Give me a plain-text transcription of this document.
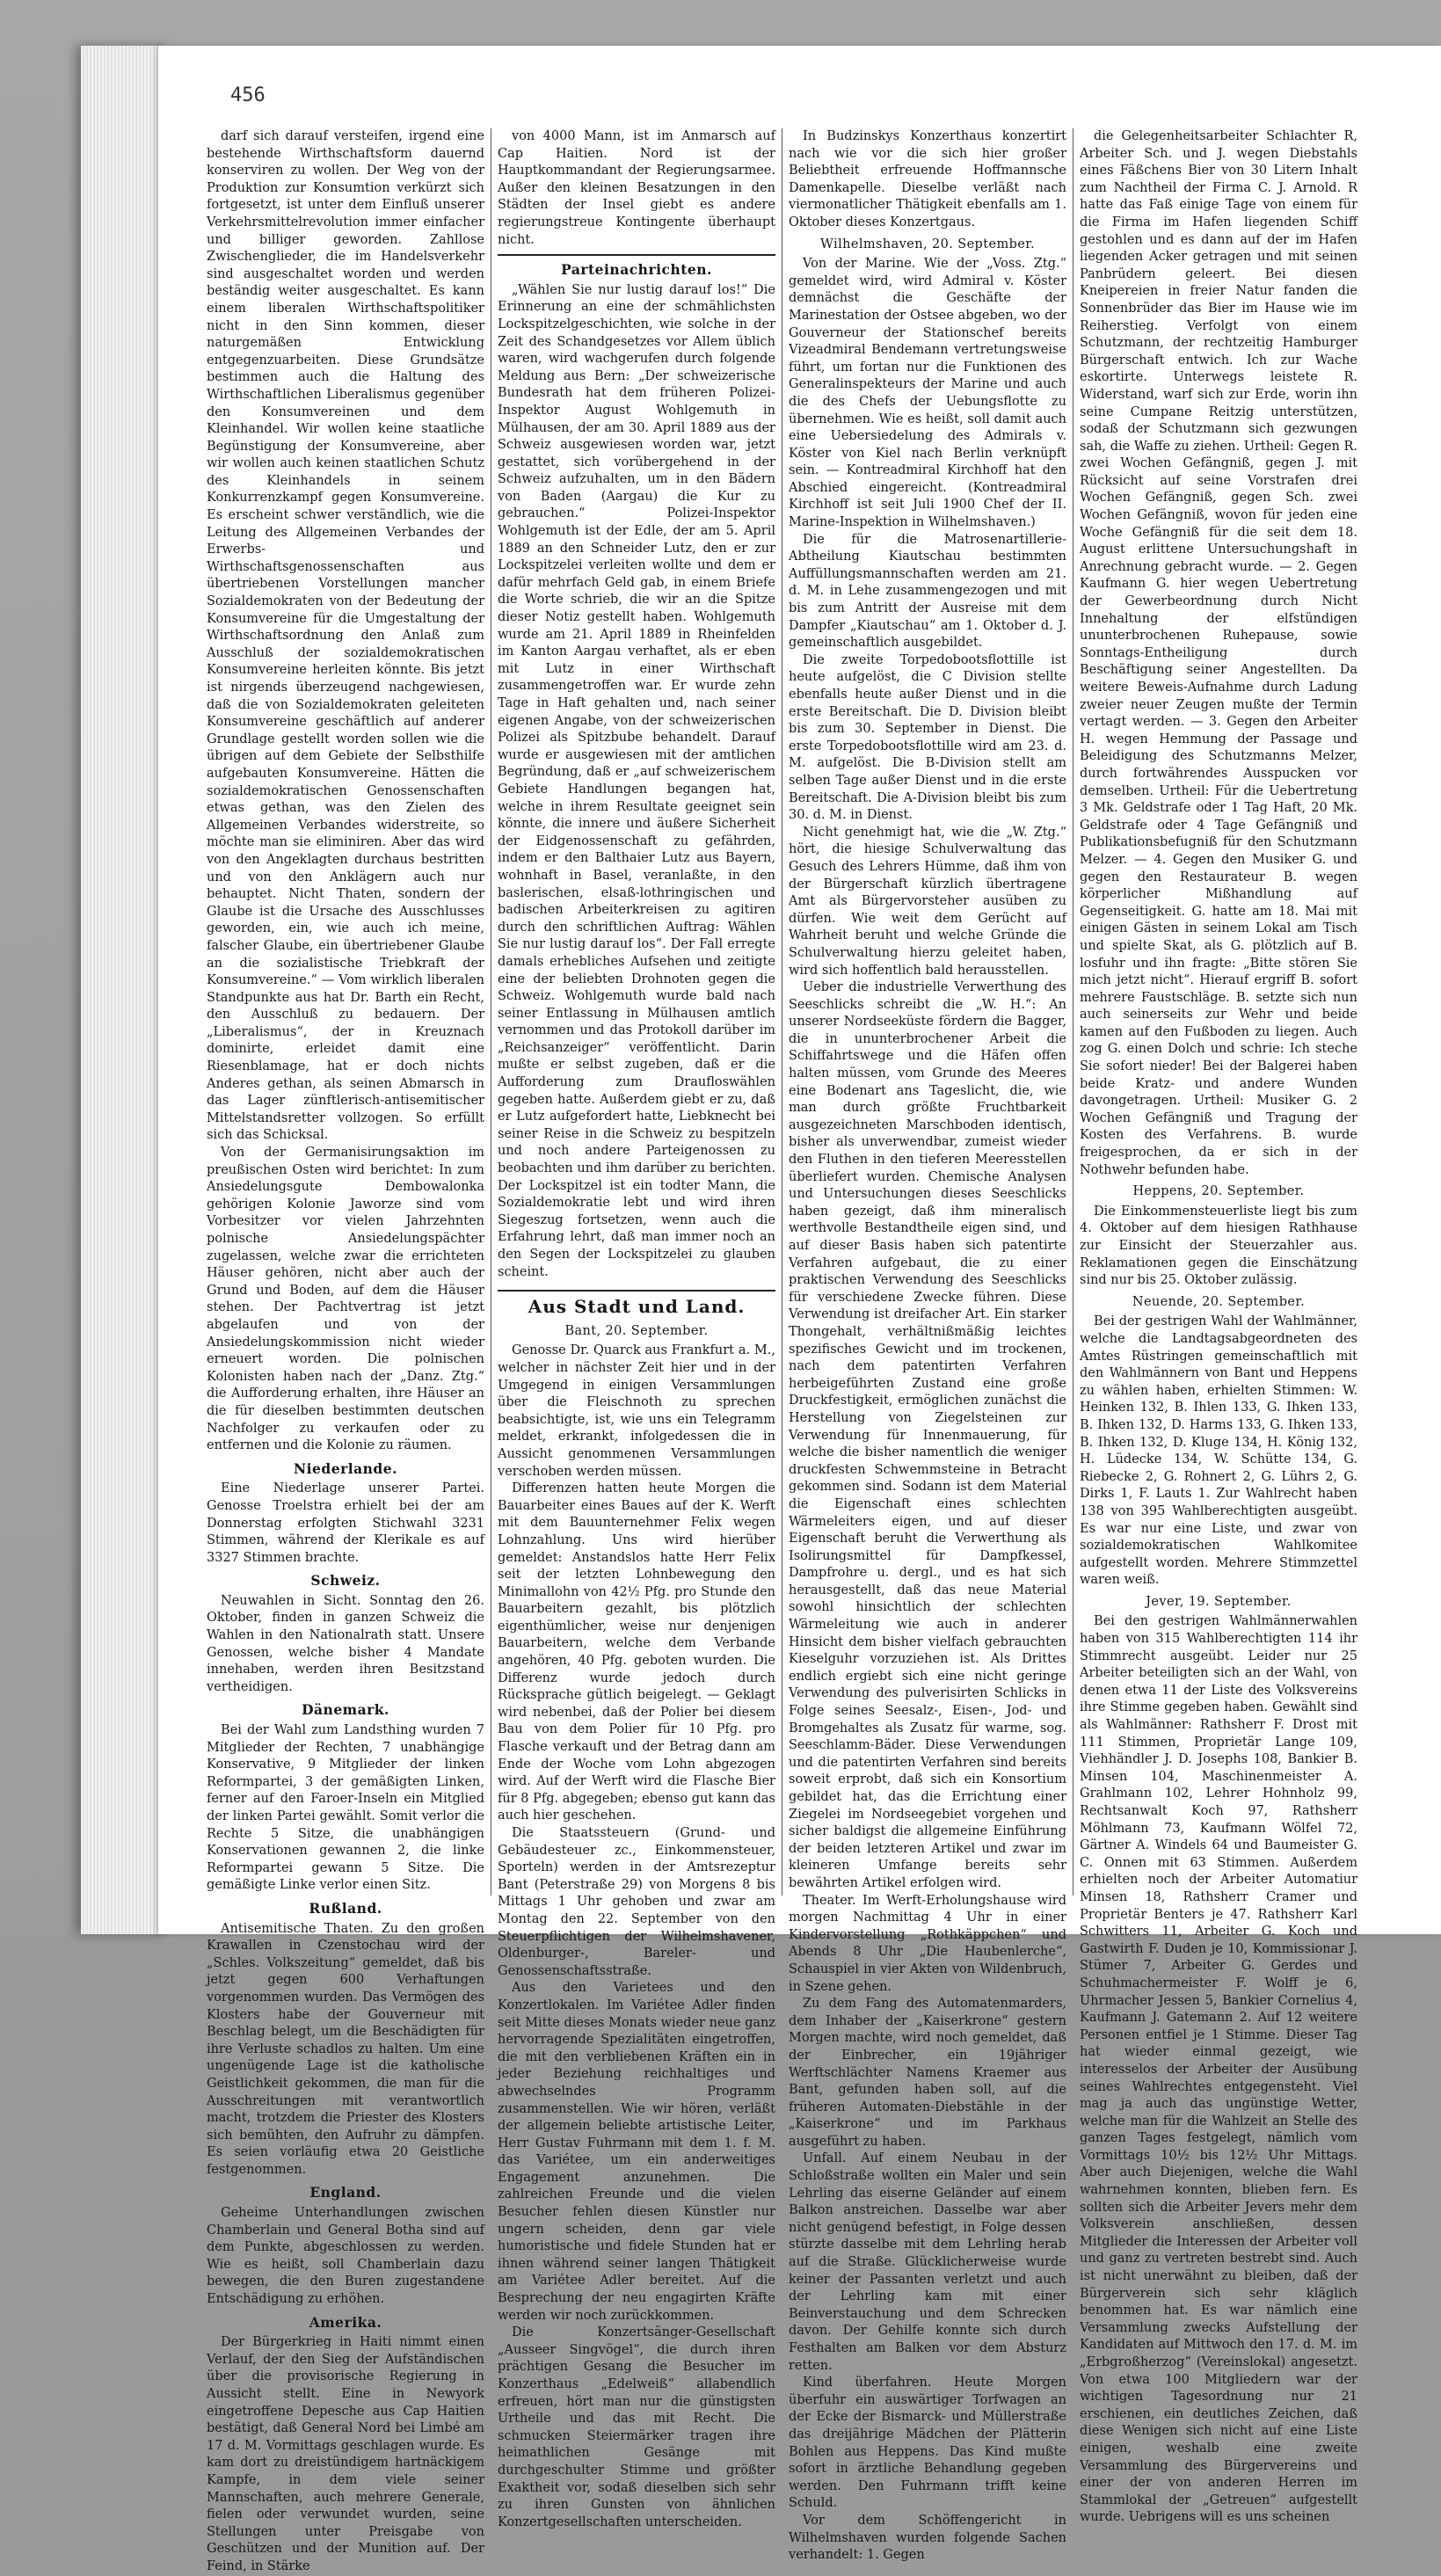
456

darf sich darauf versteifen, irgend eine bestehende Wirthschaftsform dauernd konserviren zu wollen. Der Weg von der Produktion zur Konsumtion verkürzt sich fortgesetzt, ist unter dem Einfluß unserer Verkehrsmittelrevolution immer einfacher und billiger geworden. Zahllose Zwischenglieder, die im Handelsverkehr sind ausgeschaltet worden und werden beständig weiter ausgeschaltet. Es kann einem liberalen Wirthschaftspolitiker nicht in den Sinn kommen, dieser naturgemäßen Entwicklung entgegenzuarbeiten. Diese Grundsätze bestimmen auch die Haltung des Wirthschaftlichen Liberalismus gegenüber den Konsumvereinen und dem Kleinhandel. Wir wollen keine staatliche Begünstigung der Konsumvereine, aber wir wollen auch keinen staatlichen Schutz des Kleinhandels in seinem Konkurrenzkampf gegen Konsumvereine. Es erscheint schwer verständlich, wie die Leitung des Allgemeinen Verbandes der Erwerbs- und Wirthschaftsgenossenschaften aus übertriebenen Vorstellungen mancher Sozialdemokraten von der Bedeutung der Konsumvereine für die Umgestaltung der Wirthschaftsordnung den Anlaß zum Ausschluß der sozialdemokratischen Konsumvereine herleiten könnte. Bis jetzt ist nirgends überzeugend nachgewiesen, daß die von Sozialdemokraten geleiteten Konsumvereine geschäftlich auf anderer Grundlage gestellt worden sollen wie die übrigen auf dem Gebiete der Selbsthilfe aufgebauten Konsumvereine. Hätten die sozialdemokratischen Genossenschaften etwas gethan, was den Zielen des Allgemeinen Verbandes widerstreite, so möchte man sie eliminiren. Aber das wird von den Angeklagten durchaus bestritten und von den Anklägern auch nur behauptet. Nicht Thaten, sondern der Glaube ist die Ursache des Ausschlusses geworden, ein, wie auch ich meine, falscher Glaube, ein übertriebener Glaube an die sozialistische Triebkraft der Konsumvereine.“ — Vom wirklich liberalen Standpunkte aus hat Dr. Barth ein Recht, den Ausschluß zu bedauern. Der „Liberalismus“, der in Kreuznach dominirte, erleidet damit eine Riesenblamage, hat er doch nichts Anderes gethan, als seinen Abmarsch in das Lager zünftlerisch-antisemitischer Mittelstandsretter vollzogen. So erfüllt sich das Schicksal.

Von der Germanisirungsaktion im preußischen Osten wird berichtet: In zum Ansiedelungsgute Dembowalonka gehörigen Kolonie Jaworze sind vom Vorbesitzer vor vielen Jahrzehnten polnische Ansiedelungspächter zugelassen, welche zwar die errichteten Häuser gehören, nicht aber auch der Grund und Boden, auf dem die Häuser stehen. Der Pachtvertrag ist jetzt abgelaufen und von der Ansiedelungskommission nicht wieder erneuert worden. Die polnischen Kolonisten haben nach der „Danz. Ztg.“ die Aufforderung erhalten, ihre Häuser an die für dieselben bestimmten deutschen Nachfolger zu verkaufen oder zu entfernen und die Kolonie zu räumen.

Niederlande.

Eine Niederlage unserer Partei. Genosse Troelstra erhielt bei der am Donnerstag erfolgten Stichwahl 3231 Stimmen, während der Klerikale es auf 3327 Stimmen brachte.

Schweiz.

Neuwahlen in Sicht. Sonntag den 26. Oktober, finden in ganzen Schweiz die Wahlen in den Nationalrath statt. Unsere Genossen, welche bisher 4 Mandate innehaben, werden ihren Besitzstand vertheidigen.

Dänemark.

Bei der Wahl zum Landsthing wurden 7 Mitglieder der Rechten, 7 unabhängige Konservative, 9 Mitglieder der linken Reformpartei, 3 der gemäßigten Linken, ferner auf den Faroer-Inseln ein Mitglied der linken Partei gewählt. Somit verlor die Rechte 5 Sitze, die unabhängigen Konservationen gewannen 2, die linke Reformpartei gewann 5 Sitze. Die gemäßigte Linke verlor einen Sitz.

Rußland.

Antisemitische Thaten. Zu den großen Krawallen in Czenstochau wird der „Schles. Volkszeitung“ gemeldet, daß bis jetzt gegen 600 Verhaftungen vorgenommen wurden. Das Vermögen des Klosters habe der Gouverneur mit Beschlag belegt, um die Beschädigten für ihre Verluste schadlos zu halten. Um eine ungenügende Lage ist die katholische Geistlichkeit gekommen, die man für die Ausschreitungen mit verantwortlich macht, trotzdem die Priester des Klosters sich bemühten, den Aufruhr zu dämpfen. Es seien vorläufig etwa 20 Geistliche festgenommen.

England.

Geheime Unterhandlungen zwischen Chamberlain und General Botha sind auf dem Punkte, abgeschlossen zu werden. Wie es heißt, soll Chamberlain dazu bewegen, die den Buren zugestandene Entschädigung zu erhöhen.

Amerika.

Der Bürgerkrieg in Haiti nimmt einen Verlauf, der den Sieg der Aufständischen über die provisorische Regierung in Aussicht stellt. Eine in Newyork eingetroffene Depesche aus Cap Haitien bestätigt, daß General Nord bei Limbé am 17 d. M. Vormittags geschlagen wurde. Es kam dort zu dreistündigem hartnäckigem Kampfe, in dem viele seiner Mannschaften, auch mehrere Generale, fielen oder verwundet wurden, seine Stellungen unter Preisgabe von Geschützen und der Munition auf. Der Feind, in Stärke

von 4000 Mann, ist im Anmarsch auf Cap Haitien. Nord ist der Hauptkommandant der Regierungsarmee. Außer den kleinen Besatzungen in den Städten der Insel giebt es andere regierungstreue Kontingente überhaupt nicht.

Parteinachrichten.

„Wählen Sie nur lustig darauf los!“ Die Erinnerung an eine der schmählichsten Lockspitzelgeschichten, wie solche in der Zeit des Schandgesetzes vor Allem üblich waren, wird wachgerufen durch folgende Meldung aus Bern: „Der schweizerische Bundesrath hat dem früheren Polizei-Inspektor August Wohlgemuth in Mülhausen, der am 30. April 1889 aus der Schweiz ausgewiesen worden war, jetzt gestattet, sich vorübergehend in der Schweiz aufzuhalten, um in den Bädern von Baden (Aargau) die Kur zu gebrauchen.“ Polizei-Inspektor Wohlgemuth ist der Edle, der am 5. April 1889 an den Schneider Lutz, den er zur Lockspitzelei verleiten wollte und dem er dafür mehrfach Geld gab, in einem Briefe die Worte schrieb, die wir an die Spitze dieser Notiz gestellt haben. Wohlgemuth wurde am 21. April 1889 in Rheinfelden im Kanton Aargau verhaftet, als er eben mit Lutz in einer Wirthschaft zusammengetroffen war. Er wurde zehn Tage in Haft gehalten und, nach seiner eigenen Angabe, von der schweizerischen Polizei als Spitzbube behandelt. Darauf wurde er ausgewiesen mit der amtlichen Begründung, daß er „auf schweizerischem Gebiete Handlungen begangen hat, welche in ihrem Resultate geeignet sein könnte, die innere und äußere Sicherheit der Eidgenossenschaft zu gefährden, indem er den Balthaier Lutz aus Bayern, wohnhaft in Basel, veranlaßte, in den baslerischen, elsaß-lothringischen und badischen Arbeiterkreisen zu agitiren durch den schriftlichen Auftrag: Wählen Sie nur lustig darauf los“. Der Fall erregte damals erhebliches Aufsehen und zeitigte eine der beliebten Drohnoten gegen die Schweiz. Wohlgemuth wurde bald nach seiner Entlassung in Mülhausen amtlich vernommen und das Protokoll darüber im „Reichsanzeiger“ veröffentlicht. Darin mußte er selbst zugeben, daß er die Aufforderung zum Draufloswählen gegeben hatte. Außerdem giebt er zu, daß er Lutz aufgefordert hatte, Liebknecht bei seiner Reise in die Schweiz zu bespitzeln und noch andere Parteigenossen zu beobachten und ihm darüber zu berichten. Der Lockspitzel ist ein todter Mann, die Sozialdemokratie lebt und wird ihren Siegeszug fortsetzen, wenn auch die Erfahrung lehrt, daß man immer noch an den Segen der Lockspitzelei zu glauben scheint.

Aus Stadt und Land.

Bant, 20. September.

Genosse Dr. Quarck aus Frankfurt a. M., welcher in nächster Zeit hier und in der Umgegend in einigen Versammlungen über die Fleischnoth zu sprechen beabsichtigte, ist, wie uns ein Telegramm meldet, erkrankt, infolgedessen die in Aussicht genommenen Versammlungen verschoben werden müssen.

Differenzen hatten heute Morgen die Bauarbeiter eines Baues auf der K. Werft mit dem Bauunternehmer Felix wegen Lohnzahlung. Uns wird hierüber gemeldet: Anstandslos hatte Herr Felix seit der letzten Lohnbewegung den Minimallohn von 42½ Pfg. pro Stunde den Bauarbeitern gezahlt, bis plötzlich eigenthümlicher, weise nur denjenigen Bauarbeitern, welche dem Verbande angehören, 40 Pfg. geboten wurden. Die Differenz wurde jedoch durch Rücksprache gütlich beigelegt. — Geklagt wird nebenbei, daß der Polier bei diesem Bau von dem Polier für 10 Pfg. pro Flasche verkauft und der Betrag dann am Ende der Woche vom Lohn abgezogen wird. Auf der Werft wird die Flasche Bier für 8 Pfg. abgegeben; ebenso gut kann das auch hier geschehen.

Die Staatssteuern (Grund- und Gebäudesteuer zc., Einkommensteuer, Sporteln) werden in der Amtsrezeptur Bant (Peterstraße 29) von Morgens 8 bis Mittags 1 Uhr gehoben und zwar am Montag den 22. September von den Steuerpflichtigen der Wilhelmshavener, Oldenburger-, Bareler- und Genossenschaftsstraße.

Aus den Varietees und den Konzertlokalen. Im Variétee Adler finden seit Mitte dieses Monats wieder neue ganz hervorragende Spezialitäten eingetroffen, die mit den verbliebenen Kräften ein in jeder Beziehung reichhaltiges und abwechselndes Programm zusammenstellen. Wie wir hören, verläßt der allgemein beliebte artistische Leiter, Herr Gustav Fuhrmann mit dem 1. f. M. das Variétee, um ein anderweitiges Engagement anzunehmen. Die zahlreichen Freunde und die vielen Besucher fehlen diesen Künstler nur ungern scheiden, denn gar viele humoristische und fidele Stunden hat er ihnen während seiner langen Thätigkeit am Variétee Adler bereitet. Auf die Besprechung der neu engagirten Kräfte werden wir noch zurückkommen.

Die Konzertsänger-Gesellschaft „Ausseer Singvögel“, die durch ihren prächtigen Gesang die Besucher im Konzerthaus „Edelweiß“ allabendlich erfreuen, hört man nur die günstigsten Urtheile und das mit Recht. Die schmucken Steiermärker tragen ihre heimathlichen Gesänge mit durchgeschulter Stimme und größter Exaktheit vor, sodaß dieselben sich sehr zu ihren Gunsten von ähnlichen Konzertgesellschaften unterscheiden.

In Budzinskys Konzerthaus konzertirt nach wie vor die sich hier großer Beliebtheit erfreuende Hoffmannsche Damenkapelle. Dieselbe verläßt nach viermonatlicher Thätigkeit ebenfalls am 1. Oktober dieses Konzertgaus.

Wilhelmshaven, 20. September.

Von der Marine. Wie der „Voss. Ztg.“ gemeldet wird, wird Admiral v. Köster demnächst die Geschäfte der Marinestation der Ostsee abgeben, wo der Gouverneur der Stationschef bereits Vizeadmiral Bendemann vertretungsweise führt, um fortan nur die Funktionen des Generalinspekteurs der Marine und auch die des Chefs der Uebungsflotte zu übernehmen. Wie es heißt, soll damit auch eine Uebersiedelung des Admirals v. Köster von Kiel nach Berlin verknüpft sein. — Kontreadmiral Kirchhoff hat den Abschied eingereicht. (Kontreadmiral Kirchhoff ist seit Juli 1900 Chef der II. Marine-Inspektion in Wilhelmshaven.)

Die für die Matrosenartillerie-Abtheilung Kiautschau bestimmten Auffüllungsmannschaften werden am 21. d. M. in Lehe zusammengezogen und mit bis zum Antritt der Ausreise mit dem Dampfer „Kiautschau“ am 1. Oktober d. J. gemeinschaftlich ausgebildet.

Die zweite Torpedobootsflottille ist heute aufgelöst, die C Division stellte ebenfalls heute außer Dienst und in die erste Bereitschaft. Die D. Division bleibt bis zum 30. September in Dienst. Die erste Torpedobootsflottille wird am 23. d. M. aufgelöst. Die B-Division stellt am selben Tage außer Dienst und in die erste Bereitschaft. Die A-Division bleibt bis zum 30. d. M. in Dienst.

Nicht genehmigt hat, wie die „W. Ztg.“ hört, die hiesige Schulverwaltung das Gesuch des Lehrers Hümme, daß ihm von der Bürgerschaft kürzlich übertragene Amt als Bürgervorsteher ausüben zu dürfen. Wie weit dem Gerücht auf Wahrheit beruht und welche Gründe die Schulverwaltung hierzu geleitet haben, wird sich hoffentlich bald herausstellen.

Ueber die industrielle Verwerthung des Seeschlicks schreibt die „W. H.“: An unserer Nordseeküste fördern die Bagger, die in ununterbrochener Arbeit die Schiffahrtswege und die Häfen offen halten müssen, vom Grunde des Meeres eine Bodenart ans Tageslicht, die, wie man durch größte Fruchtbarkeit ausgezeichneten Marschboden identisch, bisher als unverwendbar, zumeist wieder den Fluthen in den tieferen Meeresstellen überliefert wurden. Chemische Analysen und Untersuchungen dieses Seeschlicks haben gezeigt, daß ihm mineralisch werthvolle Bestandtheile eigen sind, und auf dieser Basis haben sich patentirte Verfahren aufgebaut, die zu einer praktischen Verwendung des Seeschlicks für verschiedene Zwecke führen. Diese Verwendung ist dreifacher Art. Ein starker Thongehalt, verhältnißmäßig leichtes spezifisches Gewicht und im trockenen, nach dem patentirten Verfahren herbeigeführten Zustand eine große Druckfestigkeit, ermöglichen zunächst die Herstellung von Ziegelsteinen zur Verwendung für Innenmauerung, für welche die bisher namentlich die weniger druckfesten Schwemmsteine in Betracht gekommen sind. Sodann ist dem Material die Eigenschaft eines schlechten Wärmeleiters eigen, und auf dieser Eigenschaft beruht die Verwerthung als Isolirungsmittel für Dampfkessel, Dampfrohre u. dergl., und es hat sich herausgestellt, daß das neue Material sowohl hinsichtlich der schlechten Wärmeleitung wie auch in anderer Hinsicht dem bisher vielfach gebrauchten Kieselguhr vorzuziehen ist. Als Drittes endlich ergiebt sich eine nicht geringe Verwendung des pulverisirten Schlicks in Folge seines Seesalz-, Eisen-, Jod- und Bromgehaltes als Zusatz für warme, sog. Seeschlamm-Bäder. Diese Verwendungen und die patentirten Verfahren sind bereits soweit erprobt, daß sich ein Konsortium gebildet hat, das die Errichtung einer Ziegelei im Nordseegebiet vorgehen und sicher baldigst die allgemeine Einführung der beiden letzteren Artikel und zwar im kleineren Umfange bereits sehr bewährten Artikel erfolgen wird.

Theater. Im Werft-Erholungshause wird morgen Nachmittag 4 Uhr in einer Kindervorstellung „Rothkäppchen“ und Abends 8 Uhr „Die Haubenlerche“, Schauspiel in vier Akten von Wildenbruch, in Szene gehen.

Zu dem Fang des Automatenmarders, dem Inhaber der „Kaiserkrone“ gestern Morgen machte, wird noch gemeldet, daß der Einbrecher, ein 19jähriger Werftschlächter Namens Kraemer aus Bant, gefunden haben soll, auf die früheren Automaten-Diebstähle in der „Kaiserkrone“ und im Parkhaus ausgeführt zu haben.

Unfall. Auf einem Neubau in der Schloßstraße wollten ein Maler und sein Lehrling das eiserne Geländer auf einem Balkon anstreichen. Dasselbe war aber nicht genügend befestigt, in Folge dessen stürzte dasselbe mit dem Lehrling herab auf die Straße. Glücklicherweise wurde keiner der Passanten verletzt und auch der Lehrling kam mit einer Beinverstauchung und dem Schrecken davon. Der Gehilfe konnte sich durch Festhalten am Balken vor dem Absturz retten.

Kind überfahren. Heute Morgen überfuhr ein auswärtiger Torfwagen an der Ecke der Bismarck- und Müllerstraße das dreijährige Mädchen der Plätterin Bohlen aus Heppens. Das Kind mußte sofort in ärztliche Behandlung gegeben werden. Den Fuhrmann trifft keine Schuld.

Vor dem Schöffengericht in Wilhelmshaven wurden folgende Sachen verhandelt: 1. Gegen

die Gelegenheitsarbeiter Schlachter R, Arbeiter Sch. und J. wegen Diebstahls eines Fäßchens Bier von 30 Litern Inhalt zum Nachtheil der Firma C. J. Arnold. R hatte das Faß einige Tage von einem für die Firma im Hafen liegenden Schiff gestohlen und es dann auf der im Hafen liegenden Acker getragen und mit seinen Panbrüdern geleert. Bei diesen Kneipereien in freier Natur fanden die Sonnenbrüder das Bier im Hause wie im Reiherstieg. Verfolgt von einem Schutzmann, der rechtzeitig Hamburger Bürgerschaft entwich. Ich zur Wache eskortirte. Unterwegs leistete R. Widerstand, warf sich zur Erde, worin ihn seine Cumpane Reitzig unterstützen, sodaß der Schutzmann sich gezwungen sah, die Waffe zu ziehen. Urtheil: Gegen R. zwei Wochen Gefängniß, gegen J. mit Rücksicht auf seine Vorstrafen drei Wochen Gefängniß, gegen Sch. zwei Wochen Gefängniß, wovon für jeden eine Woche Gefängniß für die seit dem 18. August erlittene Untersuchungshaft in Anrechnung gebracht wurde. — 2. Gegen Kaufmann G. hier wegen Uebertretung der Gewerbeordnung durch Nicht Innehaltung der elfstündigen ununterbrochenen Ruhepause, sowie Sonntags-Entheiligung durch Beschäftigung seiner Angestellten. Da weitere Beweis-Aufnahme durch Ladung zweier neuer Zeugen mußte der Termin vertagt werden. — 3. Gegen den Arbeiter H. wegen Hemmung der Passage und Beleidigung des Schutzmanns Melzer, durch fortwährendes Ausspucken vor demselben. Urtheil: Für die Uebertretung 3 Mk. Geldstrafe oder 1 Tag Haft, 20 Mk. Geldstrafe oder 4 Tage Gefängniß und Publikationsbefugniß für den Schutzmann Melzer. — 4. Gegen den Musiker G. und gegen den Restaurateur B. wegen körperlicher Mißhandlung auf Gegenseitigkeit. G. hatte am 18. Mai mit einigen Gästen in seinem Lokal am Tisch und spielte Skat, als G. plötzlich auf B. losfuhr und ihn fragte: „Bitte stören Sie mich jetzt nicht“. Hierauf ergriff B. sofort mehrere Faustschläge. B. setzte sich nun auch seinerseits zur Wehr und beide kamen auf den Fußboden zu liegen. Auch zog G. einen Dolch und schrie: Ich steche Sie sofort nieder! Bei der Balgerei haben beide Kratz- und andere Wunden davongetragen. Urtheil: Musiker G. 2 Wochen Gefängniß und Tragung der Kosten des Verfahrens. B. wurde freigesprochen, da er sich in der Nothwehr befunden habe.

Heppens, 20. September.

Die Einkommensteuerliste liegt bis zum 4. Oktober auf dem hiesigen Rathhause zur Einsicht der Steuerzahler aus. Reklamationen gegen die Einschätzung sind nur bis 25. Oktober zulässig.

Neuende, 20. September.

Bei der gestrigen Wahl der Wahlmänner, welche die Landtagsabgeordneten des Amtes Rüstringen gemeinschaftlich mit den Wahlmännern von Bant und Heppens zu wählen haben, erhielten Stimmen: W. Heinken 132, B. Ihlen 133, G. Ihken 133, B. Ihken 132, D. Harms 133, G. Ihken 133, B. Ihken 132, D. Kluge 134, H. König 132, H. Lüdecke 134, W. Schütte 134, G. Riebecke 2, G. Rohnert 2, G. Lührs 2, G. Dirks 1, F. Lauts 1. Zur Wahlrecht haben 138 von 395 Wahlberechtigten ausgeübt. Es war nur eine Liste, und zwar von sozialdemokratischen Wahlkomitee aufgestellt worden. Mehrere Stimmzettel waren weiß.

Jever, 19. September.

Bei den gestrigen Wahlmännerwahlen haben von 315 Wahlberechtigten 114 ihr Stimmrecht ausgeübt. Leider nur 25 Arbeiter beteiligten sich an der Wahl, von denen etwa 11 der Liste des Volksvereins ihre Stimme gegeben haben. Gewählt sind als Wahlmänner: Rathsherr F. Drost mit 111 Stimmen, Proprietär Lange 109, Viehhändler J. D. Josephs 108, Bankier B. Minsen 104, Maschinenmeister A. Grahlmann 102, Lehrer Hohnholz 99, Rechtsanwalt Koch 97, Rathsherr Möhlmann 73, Kaufmann Wölfel 72, Gärtner A. Windels 64 und Baumeister G. C. Onnen mit 63 Stimmen. Außerdem erhielten noch der Arbeiter Automatiur Minsen 18, Rathsherr Cramer und Proprietär Benters je 47. Rathsherr Karl Schwitters 11, Arbeiter G. Koch und Gastwirth F. Duden je 10, Kommissionar J. Stümer 7, Arbeiter G. Gerdes und Schuhmachermeister F. Wolff je 6, Uhrmacher Jessen 5, Bankier Cornelius 4, Kaufmann J. Gatemann 2. Auf 12 weitere Personen entfiel je 1 Stimme. Dieser Tag hat wieder einmal gezeigt, wie interesselos der Arbeiter der Ausübung seines Wahlrechtes entgegensteht. Viel mag ja auch das ungünstige Wetter, welche man für die Wahlzeit an Stelle des ganzen Tages festgelegt, nämlich vom Vormittags 10½ bis 12½ Uhr Mittags. Aber auch Diejenigen, welche die Wahl wahrnehmen konnten, blieben fern. Es sollten sich die Arbeiter Jevers mehr dem Volksverein anschließen, dessen Mitglieder die Interessen der Arbeiter voll und ganz zu vertreten bestrebt sind. Auch ist nicht unerwähnt zu bleiben, daß der Bürgerverein sich sehr kläglich benommen hat. Es war nämlich eine Versammlung zwecks Aufstellung der Kandidaten auf Mittwoch den 17. d. M. im „Erbgroßherzog“ (Vereinslokal) angesetzt. Von etwa 100 Mitgliedern war der wichtigen Tagesordnung nur 21 erschienen, ein deutliches Zeichen, daß diese Wenigen sich nicht auf eine Liste einigen, weshalb eine zweite Versammlung des Bürgervereins und einer der von anderen Herren im Stammlokal der „Getreuen“ aufgestellt wurde. Uebrigens will es uns scheinen
